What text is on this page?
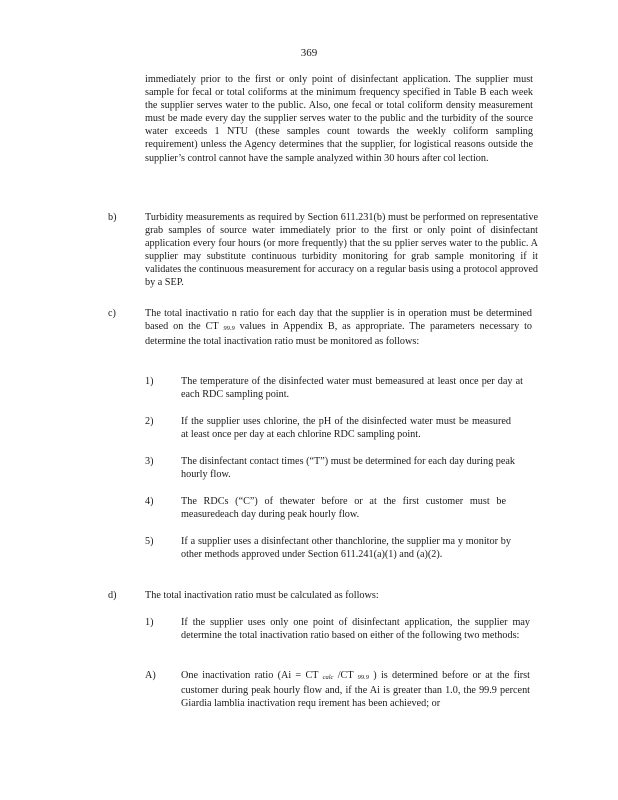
369
immediately prior to the first or only point of disinfectant application. The supplier must sample for fecal or total coliforms at the minimum frequency specified in Table B each week the supplier serves water to the public. Also, one fecal or total coliform density measurement must be made every day the supplier serves water to the public and the turbidity of the source water exceeds 1 NTU (these samples count towards the weekly coliform sampling requirement) unless the Agency determines that the supplier, for logistical reasons outside the supplier’s control cannot have the sample analyzed within 30 hours after col lection.
b)	Turbidity measurements as required by Section 611.231(b) must be performed on representative grab samples of source water immediately prior to the first or only point of disinfectant application every four hours (or more frequently) that the su pplier serves water to the public. A supplier may substitute continuous turbidity monitoring for grab sample monitoring if it validates the continuous measurement for accuracy on a regular basis using a protocol approved by a SEP.
c)	The total inactivatio n ratio for each day that the supplier is in operation must be determined based on the CT 99.9 values in Appendix B, as appropriate. The parameters necessary to determine the total inactivation ratio must be monitored as follows:
1)	The temperature of the disinfected water must bemeasured at least once per day at each RDC sampling point.
2)	If the supplier uses chlorine, the pH of the disinfected water must be measured at least once per day at each chlorine RDC sampling point.
3)	The disinfectant contact times (“T”) must be determined for each day during peak hourly flow.
4)	The RDCs (“C”) of thewater before or at the first customer must be measuredeach day during peak hourly flow.
5)	If a supplier uses a disinfectant other thanchlorine, the supplier ma y monitor by other methods approved under Section 611.241(a)(1) and (a)(2).
d)	The total inactivation ratio must be calculated as follows:
1)	If the supplier uses only one point of disinfectant application, the supplier may determine the total inactivation ratio based on either of the following two methods:
A) One inactivation ratio (Ai = CT calc /CT 99.9 ) is determined before or at the first customer during peak hourly flow and, if the Ai is greater than 1.0, the 99.9 percent Giardia lamblia inactivation requ irement has been achieved; or
